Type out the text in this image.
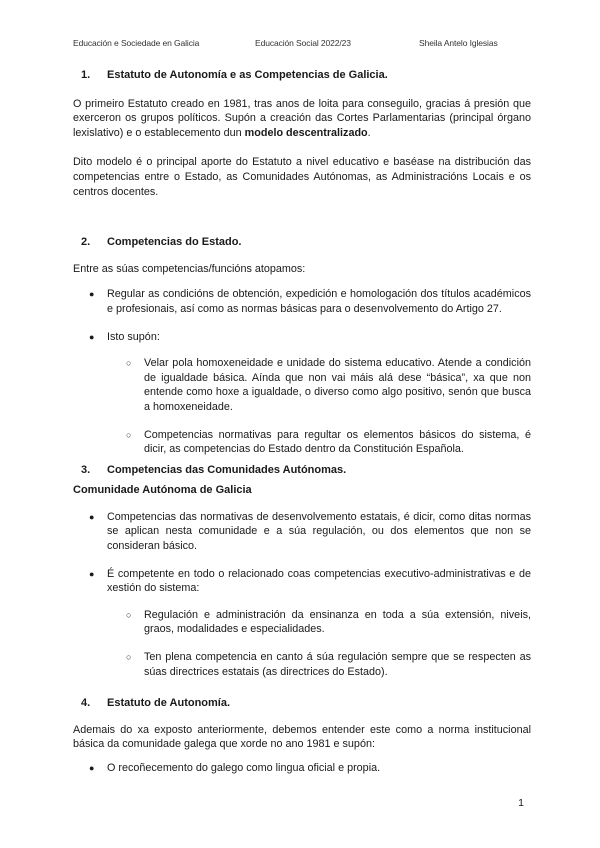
Educación e Sociedade en Galicia	Educación Social 2022/23	Sheila Antelo Iglesias
1.	Estatuto de Autonomía e as Competencias de Galicia.

O primeiro Estatuto creado en 1981, tras anos de loita para conseguilo, gracias á presión que exerceron os grupos políticos. Supón a creación das Cortes Parlamentarias (principal órgano lexislativo) e o establecemento dun modelo descentralizado.

Dito modelo é o principal aporte do Estatuto a nivel educativo e baséase na distribución das competencias entre o Estado, as Comunidades Autónomas, as Administracións Locais e os centros docentes.

2.	Competencias do Estado.

Entre as súas competencias/funcións atopamos:

● Regular as condicións de obtención, expedición e homologación dos títulos académicos e profesionais, así como as normas básicas para o desenvolvemento do Artigo 27.
● Isto supón:
○ Velar pola homoxeneidade e unidade do sistema educativo. Atende a condición de igualdade básica. Aínda que non vai máis alá dese “básica”, xa que non entende como hoxe a igualdade, o diverso como algo positivo, senón que busca a homoxeneidade.
○ Competencias normativas para regultar os elementos básicos do sistema, é dicir, as competencias do Estado dentro da Constitución Española.
3.	Competencias das Comunidades Autónomas.
Comunidade Autónoma de Galicia
● Competencias das normativas de desenvolvemento estatais, é dicir, como ditas normas se aplican nesta comunidade e a súa regulación, ou dos elementos que non se consideran básico.
● É competente en todo o relacionado coas competencias executivo-administrativas e de xestión do sistema:
○ Regulación e administración da ensinanza en toda a súa extensión, niveis, graos, modalidades e especialidades.
○ Ten plena competencia en canto á súa regulación sempre que se respecten as súas directrices estatais (as directrices do Estado).
4.	Estatuto de Autonomía.

Ademais do xa exposto anteriormente, debemos entender este como a norma institucional básica da comunidade galega que xorde no ano 1981 e supón:

● O recoñecemento do galego como lingua oficial e propia.
1
